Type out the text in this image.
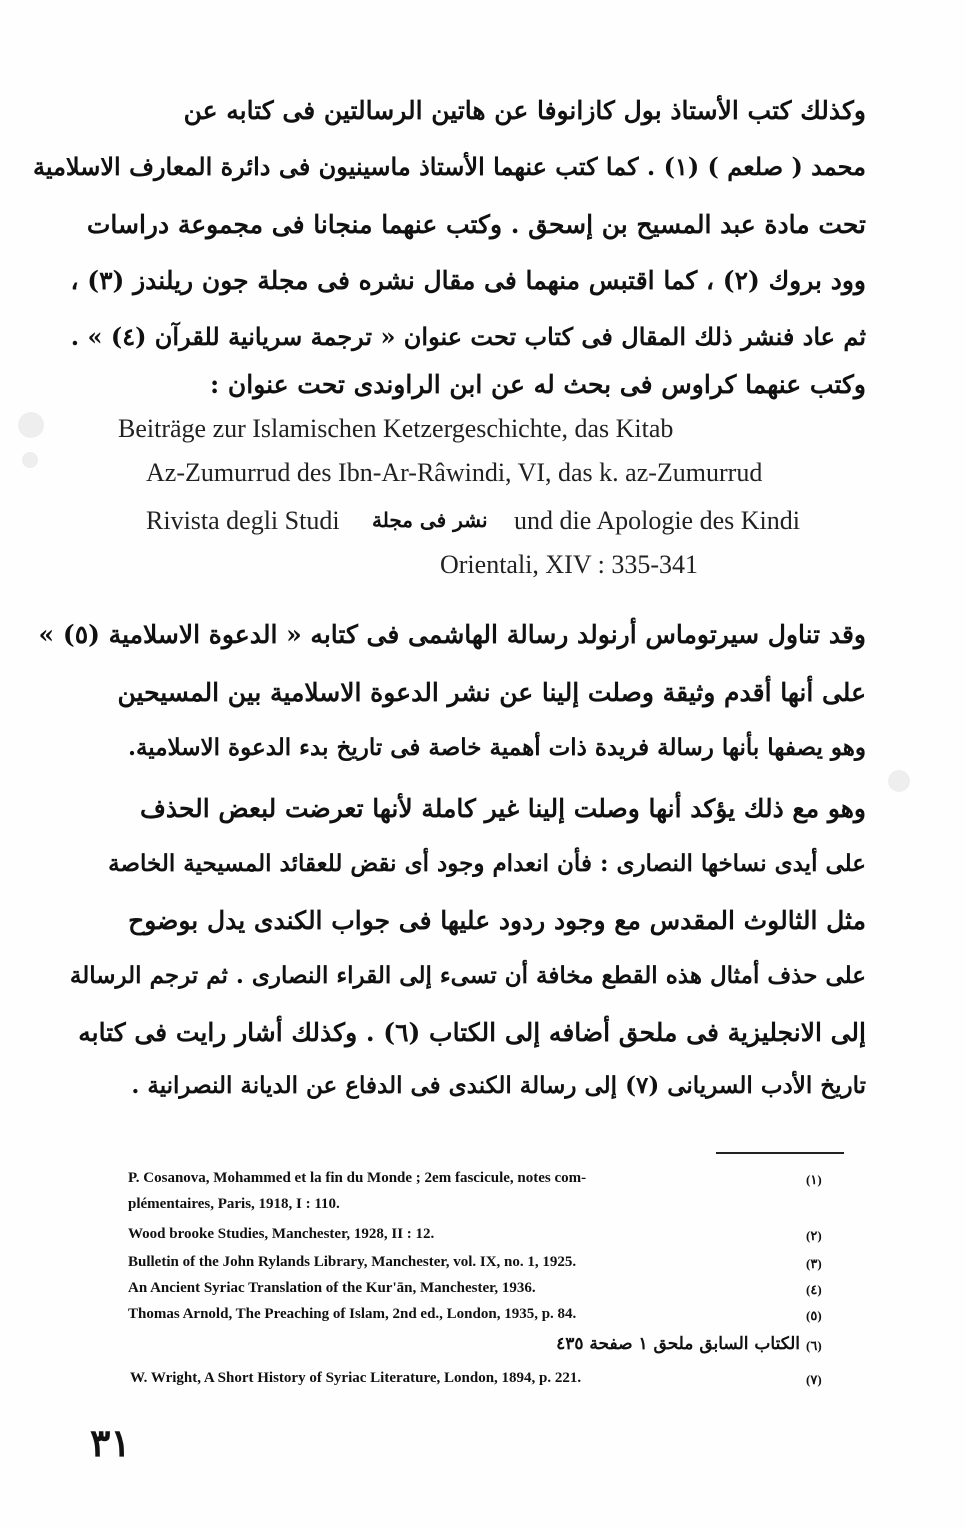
وكذلك كتب الأستاذ بول كازانوفا عن هاتين الرسالتين فى كتابه عن
محمد ( صلعم ) (١) . كما كتب عنهما الأستاذ ماسينيون فى دائرة المعارف الاسلامية
تحت مادة عبد المسيح بن إسحق . وكتب عنهما منجانا فى مجموعة دراسات
وود بروك (٢) ، كما اقتبس منهما فى مقال نشره فى مجلة جون ريلندز (٣) ،
ثم عاد فنشر ذلك المقال فى كتاب تحت عنوان « ترجمة سريانية للقرآن (٤) » .
وكتب عنهما كراوس فى بحث له عن ابن الراوندى تحت عنوان :
Beiträge zur Islamischen Ketzergeschichte, das Kitab
Az-Zumurrud des Ibn-Ar-Râwindi, VI, das k. az-Zumurrud
Rivista degli Studi نشر فى مجلة und die Apologie des Kindi
Orientali, XIV : 335-341
وقد تناول سيرتوماس أرنولد رسالة الهاشمى فى كتابه « الدعوة الاسلامية (٥) »
على أنها أقدم وثيقة وصلت إلينا عن نشر الدعوة الاسلامية بين المسيحين
وهو يصفها بأنها رسالة فريدة ذات أهمية خاصة فى تاريخ بدء الدعوة الاسلامية.
وهو مع ذلك يؤكد أنها وصلت إلينا غير كاملة لأنها تعرضت لبعض الحذف
على أيدى نساخها النصارى : فأن انعدام وجود أى نقض للعقائد المسيحية الخاصة
مثل الثالوث المقدس مع وجود ردود عليها فى جواب الكندى يدل بوضوح
على حذف أمثال هذه القطع مخافة أن تسىء إلى القراء النصارى . ثم ترجم الرسالة
إلى الانجليزية فى ملحق أضافه إلى الكتاب (٦) . وكذلك أشار رايت فى كتابه
تاريخ الأدب السريانى (٧) إلى رسالة الكندى فى الدفاع عن الديانة النصرانية .
P. Cosanova, Mohammed et la fin du Monde ; 2em fascicule, notes com-	(١)
plémentaires, Paris, 1918, I : 110.
Wood brooke Studies, Manchester, 1928, II : 12.	(٢)
Bulletin of the John Rylands Library, Manchester, vol. IX, no. 1, 1925.	(٣)
An Ancient Syriac Translation of the Kur'ān, Manchester, 1936.	(٤)
Thomas Arnold, The Preaching of Islam, 2nd ed., London, 1935, p. 84.	(٥)
الكتاب السابق ملحق ١ صفحة ٤٣٥ (٦)
W. Wright, A Short History of Syriac Literature, London, 1894, p. 221.	(٧)
٣١
